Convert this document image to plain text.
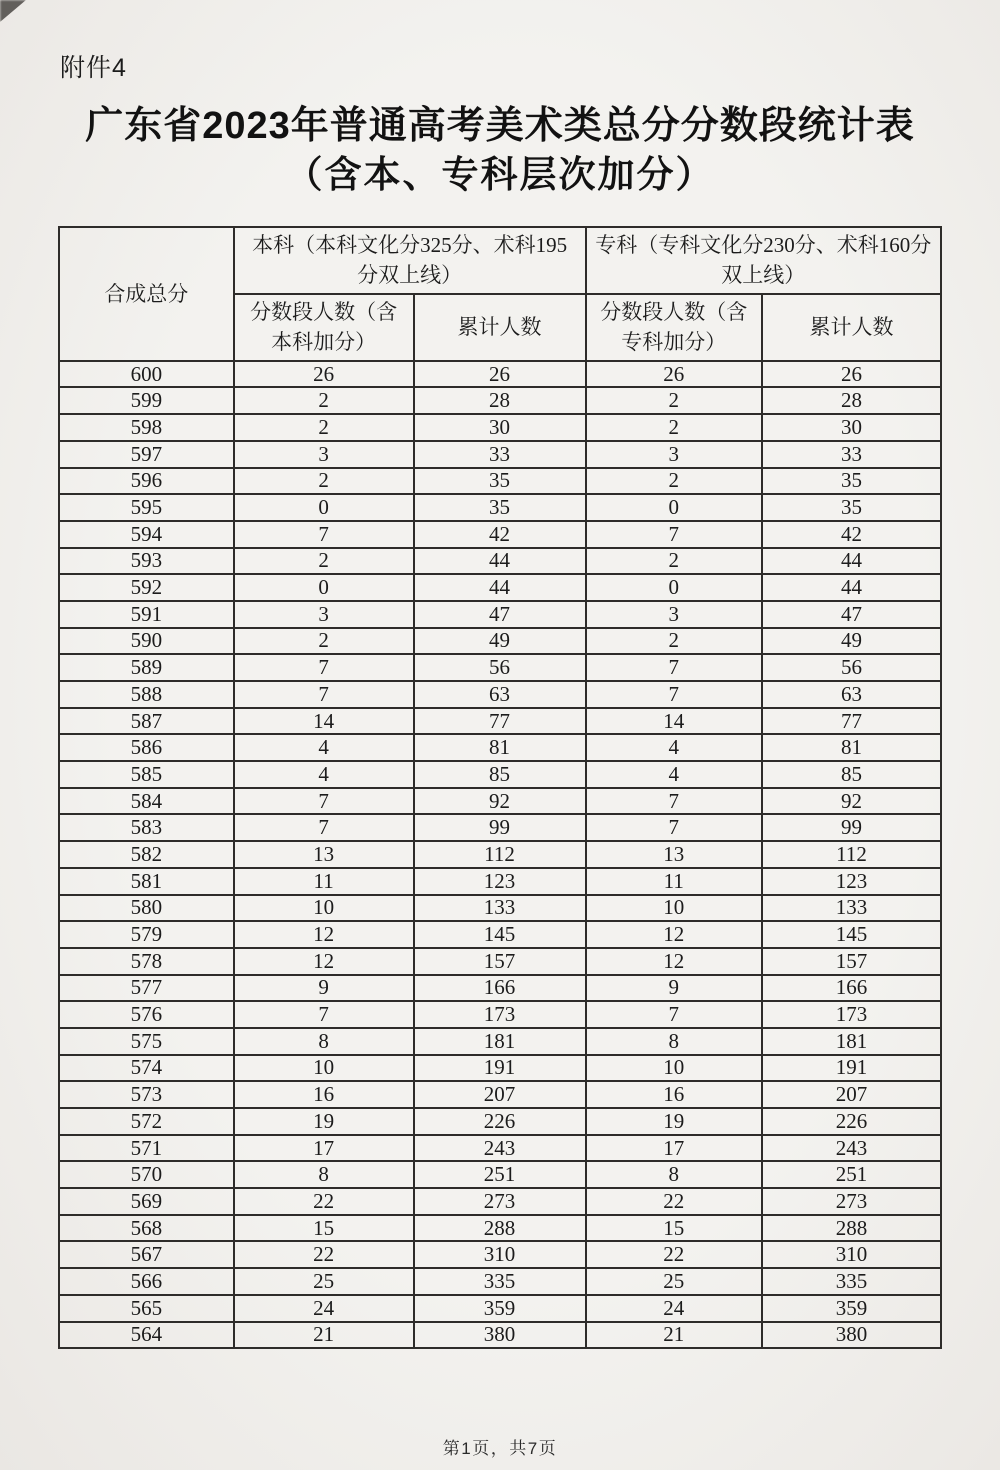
附件4
广东省2023年普通高考美术类总分分数段统计表
（含本、专科层次加分）
合成总分	本科（本科文化分325分、术科195分双上线）		专科（专科文化分230分、术科160分双上线）	
	分数段人数（含本科加分）	累计人数	分数段人数（含专科加分）	累计人数
600	26	26	26	26
599	2	28	2	28
598	2	30	2	30
597	3	33	3	33
596	2	35	2	35
595	0	35	0	35
594	7	42	7	42
593	2	44	2	44
592	0	44	0	44
591	3	47	3	47
590	2	49	2	49
589	7	56	7	56
588	7	63	7	63
587	14	77	14	77
586	4	81	4	81
585	4	85	4	85
584	7	92	7	92
583	7	99	7	99
582	13	112	13	112
581	11	123	11	123
580	10	133	10	133
579	12	145	12	145
578	12	157	12	157
577	9	166	9	166
576	7	173	7	173
575	8	181	8	181
574	10	191	10	191
573	16	207	16	207
572	19	226	19	226
571	17	243	17	243
570	8	251	8	251
569	22	273	22	273
568	15	288	15	288
567	22	310	22	310
566	25	335	25	335
565	24	359	24	359
564	21	380	21	380
第1页，共7页
